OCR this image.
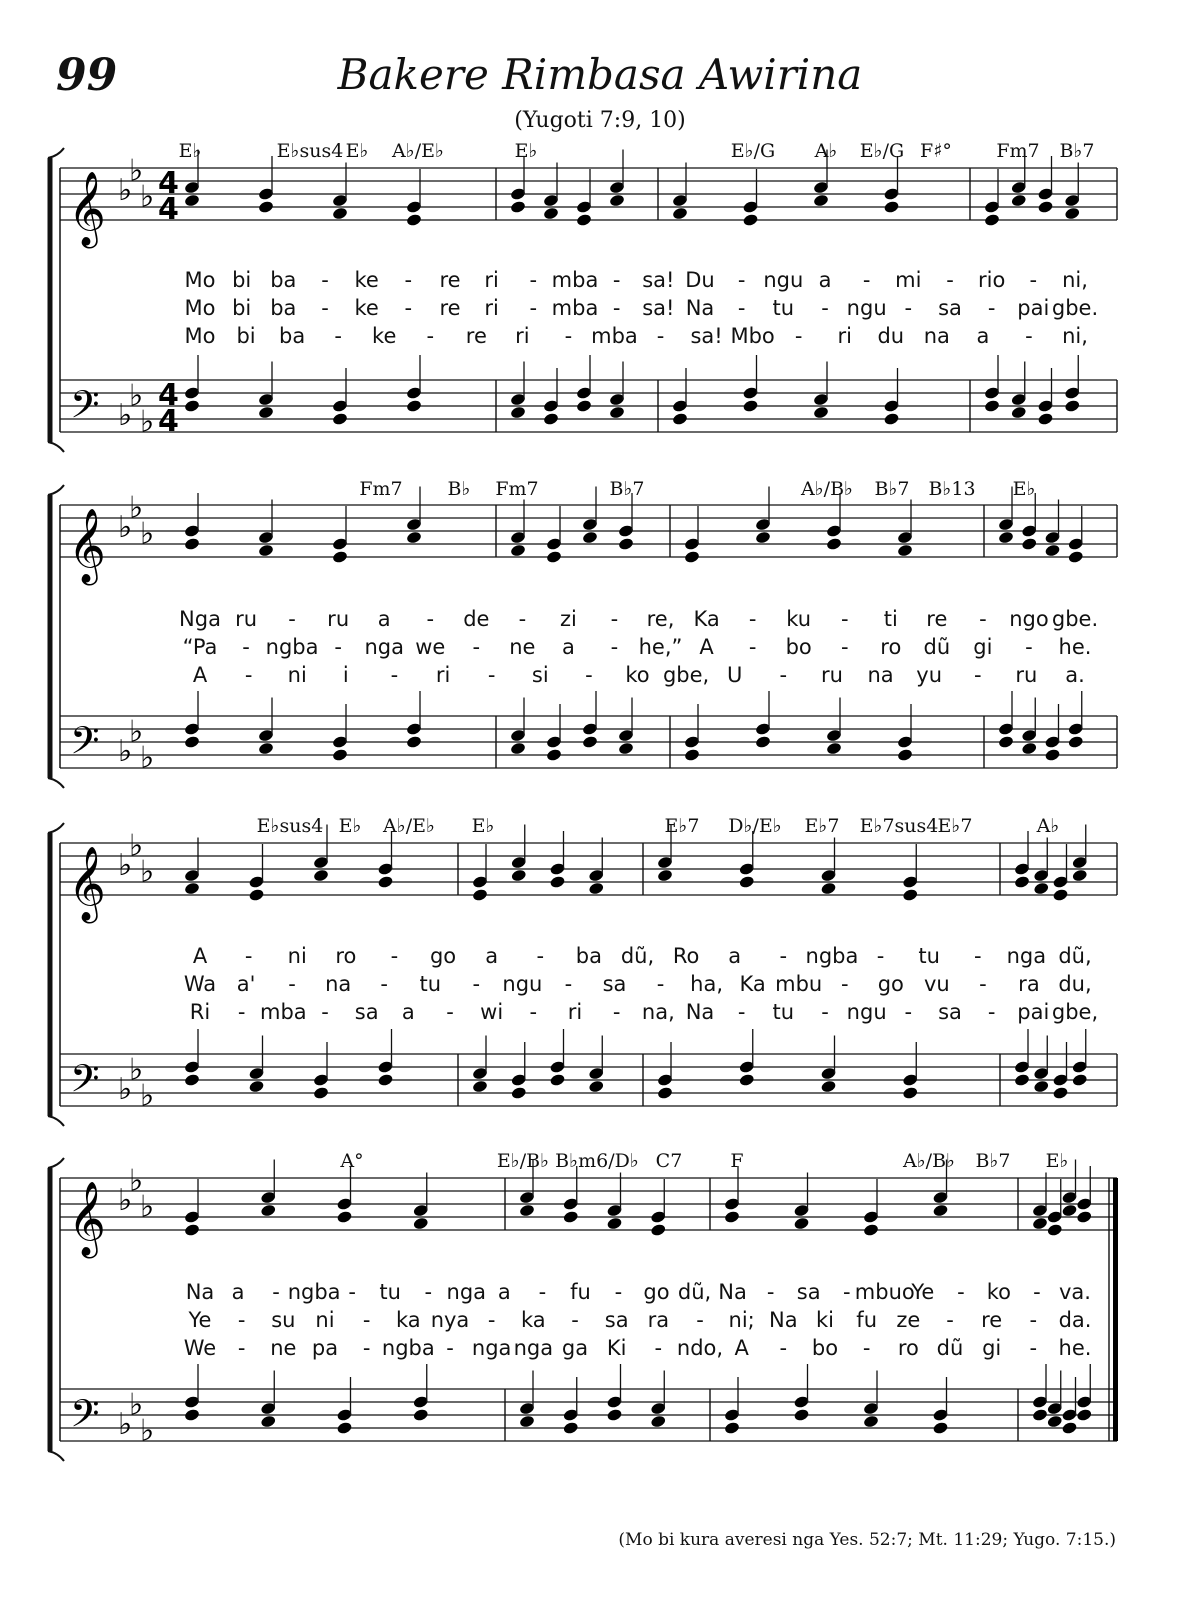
99	Bakere Rimbasa Awirina
(Yugoti 7:9, 10)
𝄞
𝄢
♭
♭
♭
♭
♭
♭
4
4
4
4
𝄞
𝄢
♭
♭
♭
♭
♭
♭
𝄞
𝄢
♭
♭
♭
♭
♭
♭
𝄞
𝄢
♭
♭
♭
♭
♭
♭
E♭	E♭sus4 E♭ A♭/E♭	E♭	E♭/G A♭ E♭/G F♯° Fm7 B♭7
Mo bi ba - ke - re ri - mba - sa! Du - ngu a - mi - rio - ni,
Mo bi ba - ke - re ri - mba - sa! Na - tu - ngu - sa - pai gbe.
Mo bi ba - ke - re ri - mba - sa! Mbo - ri du na a - ni,
Fm7 B♭ Fm7	B♭7	A♭/B♭ B♭7 B♭13 E♭
Nga ru - ru a - de - zi - re, Ka - ku - ti re - ngo gbe.
“Pa - ngba - nga we - ne a - he,” A - bo - ro dũ gi - he.
A - ni i - ri - si - ko gbe, U - ru na yu - ru a.
E♭sus4 E♭ A♭/E♭ E♭	E♭7 D♭/E♭ E♭7 E♭7sus4 E♭7	A♭
A - ni ro - go a - ba dũ, Ro a - ngba - tu - nga dũ,
Wa a' - na - tu - ngu - sa - ha, Ka mbu - go vu - ra du,
Ri - mba - sa a - wi - ri - na, Na - tu - ngu - sa - pai gbe,
A°	E♭/B♭ B♭m6/D♭ C7	F	A♭/B♭ B♭7 E♭
Na a - ngba - tu - nga a - fu - go dũ, Na - sa - mbuo
Ye - ko - va.
Ye - su ni - ka nya - ka - sa ra - ni; Na ki fu ze - re - da.
We - ne pa - ngba - nga nga ga Ki - ndo, A - bo - ro dũ gi - he.
(Mo bi kura averesi nga Yes. 52:7; Mt. 11:29; Yugo. 7:15.)
